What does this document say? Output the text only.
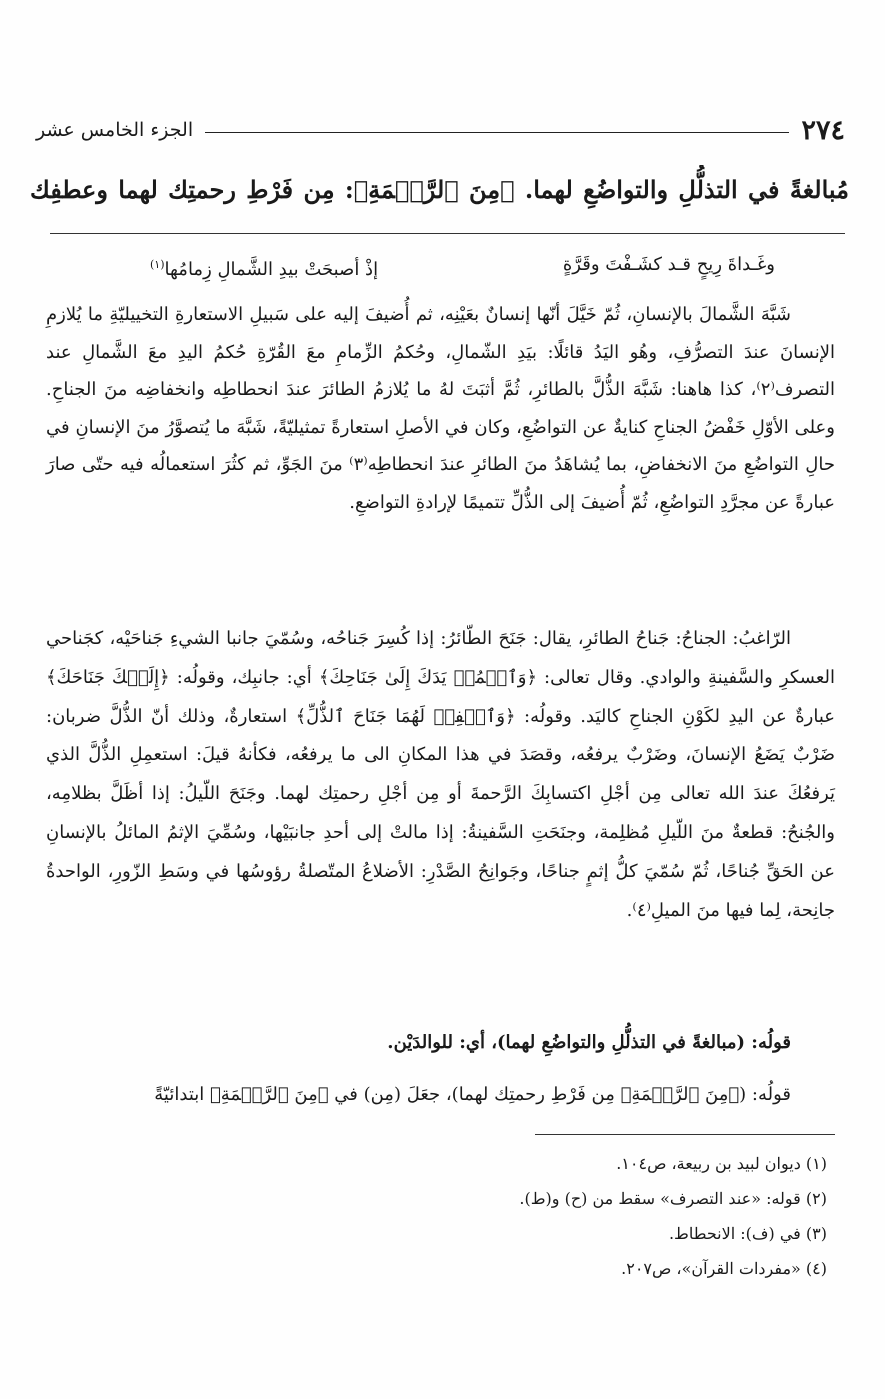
٢٧٤
الجزء الخامس عشر
مُبالغةً في التذلُّلِ والتواضُعِ لهما. ﴿مِنَ ٱلرَّحۡمَةِ﴾: مِن فَرْطِ رحمتِك لهما وعطفِك
وغَـداةَ رِيحٍ قـد كشَـفْتَ وقَرَّةٍ
إذْ أصبحَتْ بيدِ الشَّمالِ زِمامُها$^{(١)}$

شَبَّهَ الشَّمالَ بالإنسانِ، ثُمّ خَيَّلَ أنّها إنسانٌ بعَيْنِه، ثم أُضيفَ إليه على سَبيلِ الاستعارةِ التخييليّةِ ما يُلازمِ الإنسانَ عندَ التصرُّفِ، وهُو اليَدُ قائلًا: بيَدِ الشّمالِ، وحُكمُ الزِّمامِ معَ القُرّةِ حُكمُ اليدِ معَ الشَّمالِ عند التصرف⁽٢⁾، كذا هاهنا: شَبَّهَ الذُّلَّ بالطائرِ، ثُمَّ أثبَتَ لهُ ما يُلازمُ الطائرَ عندَ انحطاطِه وانخفاضِه منَ الجناحِ. وعلى الأوّلِ خَفْضُ الجناحِ كنايةٌ عن التواضُعِ، وكان في الأصلِ استعارةً تمثيليّةً، شَبَّهَ ما يُتصوَّرُ منَ الإنسانِ في حالِ التواضُعِ منَ الانخفاضِ، بما يُشاهَدُ منَ الطائرِ عندَ انحطاطِه⁽٣⁾ منَ الجَوِّ، ثم كثُرَ استعمالُه فيه حتّى صارَ عبارةً عن مجرَّدِ التواضُعِ، ثُمّ أُضيفَ إلى الذُّلِّ تتميمًا لإرادةِ التواضعِ.

الرّاغبُ: الجناحُ: جَناحُ الطائرِ، يقال: جَنَحَ الطّائرُ: إذا كُسِرَ جَناحُه، وسُمّيَ جانبا الشيءِ جَناحَيْه، كجَناحي العسكرِ والسَّفينةِ والوادي. وقال تعالى: ﴿وَٱضۡمُمۡ يَدَكَ إِلَىٰ جَنَاحِكَ﴾ أي: جانبِك، وقولُه: ﴿إِلَيۡكَ جَنَاحَكَ﴾ عبارةٌ عن اليدِ لكَوْنِ الجناحِ كاليَد. وقولُه: ﴿وَٱخۡفِضۡ لَهُمَا جَنَاحَ ٱلذُّلِّ﴾ استعارةٌ، وذلك أنّ الذُّلَّ ضربان: ضَرْبٌ يَضَعُ الإنسانَ، وضَرْبٌ يرفعُه، وقصَدَ في هذا المكانِ الى ما يرفعُه، فكأنهُ قيلَ: استعمِلِ الذُّلَّ الذي يَرفعُكَ عندَ الله تعالى مِن أجْلِ اكتسابِكَ الرَّحمةَ أو مِن أجْلِ رحمتِك لهما. وجَنَحَ اللّيلُ: إذا أظَلَّ بظلامِه، والجُنحُ: قطعةٌ منَ اللّيلِ مُظلِمة، وجنَحَتِ السَّفينةُ: إذا مالتْ إلى أحدِ جانبَيْها، وسُمِّيَ الإثمُ المائلُ بالإنسانِ عن الحَقِّ جُناحًا، ثُمّ سُمّيَ كلُّ إثمٍ جناحًا، وجَوانِحُ الصَّدْرِ: الأضلاعُ المتّصلةُ رؤوسُها في وسَطِ الزّورِ، الواحدةُ جانِحة، لِما فيها منَ الميلِ⁽٤⁾.

قولُه: (مبالغةً في التذلُّلِ والتواضُعِ لهما)، أي: للوالدَيْن.

قولُه: (﴿مِنَ ٱلرَّحۡمَةِ﴾ مِن فَرْطِ رحمتِك لهما)، جعَلَ (مِن) في ﴿مِنَ ٱلرَّحۡمَةِ﴾ ابتدائيّةً

(١) ديوان لبيد بن ربيعة، ص١٠٤.
(٢) قوله: «عند التصرف» سقط من (ح) و(ط).
(٣) في (ف): الانحطاط.
(٤) «مفردات القرآن»، ص٢٠٧.
